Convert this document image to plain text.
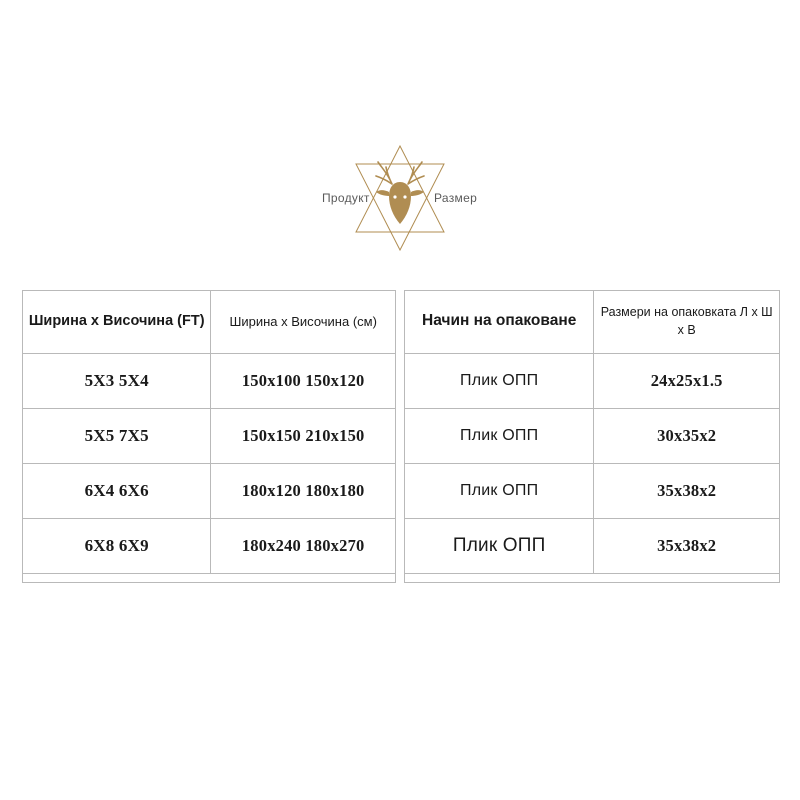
Продукт	Размер
Ширина х Височина (FT)	Ширина x Височина (см)
5X3 5X4	150x100 150x120
5X5 7X5	150x150 210x150
6X4 6X6	180x120 180x180
6X8 6X9	180x240 180x270

Начин на опаковане	Размери на опаковката Л х Ш х В
Плик ОПП	24x25x1.5
Плик ОПП	30x35x2
Плик ОПП	35x38x2
Плик ОПП	35x38x2
